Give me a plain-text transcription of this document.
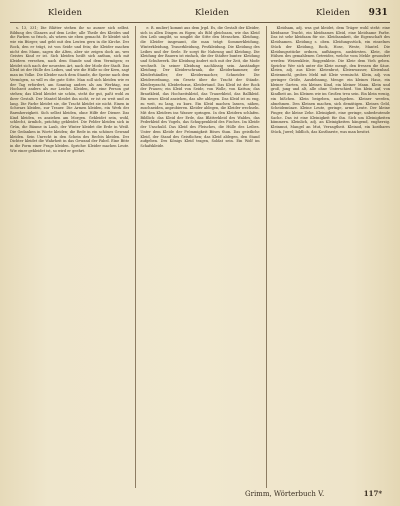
Kleiden	Kleiden	Kleiden 931

s. 13, 331; Die Blätter stehen ihr so ausser sich selbst. Bildung des Glanzes auf dem Leibe; alle Theile des Kleides und die Farben so frisch, als wären sie eben gemacht. Er kleidet sich wie ein Bürger, und geht mit den Leuten gern in die Kirche. Der Rock, den er trägt, ist von Seide und fein; die Kleider machen nicht den Mann, sagen die Alten, aber sie zeigen doch an, wes Geistes Kind er ist. Sich kleiden heißt sich anthun, sich mit Kleidern versehen, nach dem Stande und dem Vermögen; er kleidet sich nach der neuesten Art, nach der Mode der Stadt. Das Kleid ist der Hülle des Leibes, und wie die Hülle so der Kern, sagt man im Volke. Die Kleider nach dem Stande, die Speise nach dem Vermögen, so will es die gute Sitte. Man soll sich kleiden wie es der Tag erfordert, am Sonntag anders als am Werktag, zur Hochzeit anders als zur Leiche. Kleiden, die eine Person gut stehen; das Kleid kleidet sie schön, steht ihr gut, paßt wohl zu ihrer Gestalt. Der Mantel kleidet ihn nicht, er ist zu weit und zu lang. Die Farbe kleidet sie, die Tracht kleidet sie nicht. Einen in Schwarz kleiden, zur Trauer. Die Armen kleiden, ein Werk der Barmherzigkeit. Sich selbst kleiden, ohne Hilfe der Diener. Das Kind kleiden, es anziehen am Morgen. Gekleidet sein, wohl, schlecht, ärmlich, prächtig gekleidet. Die Felder kleiden sich in Grün, die Bäume in Laub, der Winter kleidet die Erde in Weiß. Die Gedanken in Worte kleiden; die Rede in ein schönes Gewand kleiden. Sein Unrecht in den Schein des Rechts kleiden. Der Dichter kleidet die Wahrheit in das Gewand der Fabel. Eine Bitte in die Form einer Frage kleiden. Sprichw. Kleider machen Leute. Wie einer gekleidet ist, so wird er geehrt.

e. R. mulier) kommt aus dem Jrgd. Es, die Gestalt der Kleider, sich in allen Dingen zu fügen; als Bild gleichsam, wie das Kleid den Leib umgibt, so umgibt die Sitte den Menschen. Kleidung, die Kleider insgesamt, die man trägt: Sommerkleidung, Winterkleidung, Trauerkleidung, Festkleidung. Die Kleidung des Leibes und der Seele. Er sorgt für Nahrung und Kleidung. Die Kleidung der Bauern ist einfach, die der Städter bunter. Kleidung und Schuhwerk. Die Kleidung ändert sich mit der Zeit, die Mode wechselt. In seiner Kleidung nachlässig sein. Anständige Kleidung. Der Kleiderschrank, die Kleiderkammer, der Kleiderhändler, der Kleidermacher, Schneider. Die Kleiderordnung, ein Gesetz über die Tracht der Stände. Kleiderpracht, Kleiderluxus, Kleidertand. Das Kleid ist der Rock der Frauen; ein Kleid von Seide, von Wolle, von Kattun; das Brautkleid, das Hochzeitskleid, das Trauerkleid, das Ballkleid. Ein neues Kleid anziehen, das alte ablegen. Das Kleid ist zu eng, zu weit, zu lang, zu kurz. Ein Kleid machen lassen, nähen, zuschneiden, anprobieren. Kleider ablegen, die Kleider wechseln. Mit den Kleidern ins Wasser springen. In den Kleidern schlafen. Bildlich: das Kleid der Erde, das Blätterkleid des Waldes, das Federkleid des Vogels, das Schuppenkleid des Fisches. Im Kleide der Unschuld. Das Kleid des Fleisches, die Hülle des Leibes. Unter dem Kleide der Frömmigkeit Böses thun. Das geistliche Kleid, der Stand des Geistlichen; das Kleid ablegen, den Stand aufgeben. Des Königs Kleid tragen, Soldat sein. Ein Wolf im Schafskleide.

Kleidsam, adj. was gut kleidet, dem Träger wohl steht: eine kleidsame Tracht, ein kleidsames Kleid, eine kleidsame Farbe. Das ist sehr kleidsam für sie. Kleidsamkeit, die Eigenschaft des Kleidsamen. Kleidung s. oben. Kleidungsstück, ein einzelnes Stück der Kleidung, Rock, Hose, Weste, Mantel. Die Kleidungsstücke ordnen, aufhängen, ausbürsten. Kleie, die Hülsen des gemahlenen Getreides, welche vom Mehle gesondert werden: Weizenkleie, Roggenkleie. Die Kleie dem Vieh geben. Sprichw. Wer sich unter die Kleie mengt, den fressen die Säue. Kleien, adj. aus Kleie: Kleienbrot, Kleienwasser, Kleienbad. Kleienmehl, grobes Mehl mit Kleie vermischt. Klein, adj. von geringer Größe, Ausdehnung, Menge: ein kleines Haus, ein kleiner Garten, ein kleines Kind, ein kleiner Mann. Klein und groß, jung und alt, alle ohne Unterschied. Von klein auf, von Kindheit an. Im Kleinen wie im Großen treu sein. Ein klein wenig, ein bißchen. Klein beigeben, nachgeben. Kleiner werden, abnehmen. Den Kleinen machen, sich demütigen. Kleines Geld, Scheidemünze. Kleine Leute, geringe, arme Leute. Der kleine Finger, die kleine Zehe. Kleinigkeit, eine geringe, unbedeutende Sache. Das ist eine Kleinigkeit für ihn. Sich um Kleinigkeiten kümmern. Kleinlich, adj. an Kleinigkeiten hängend, engherzig. Kleinmut, Mangel an Mut, Verzagtheit. Kleinod, ein kostbares Stück, Juwel; bildlich, das Kostbarste, was man besitzt.

Grimm, Wörterbuch V.	117*
